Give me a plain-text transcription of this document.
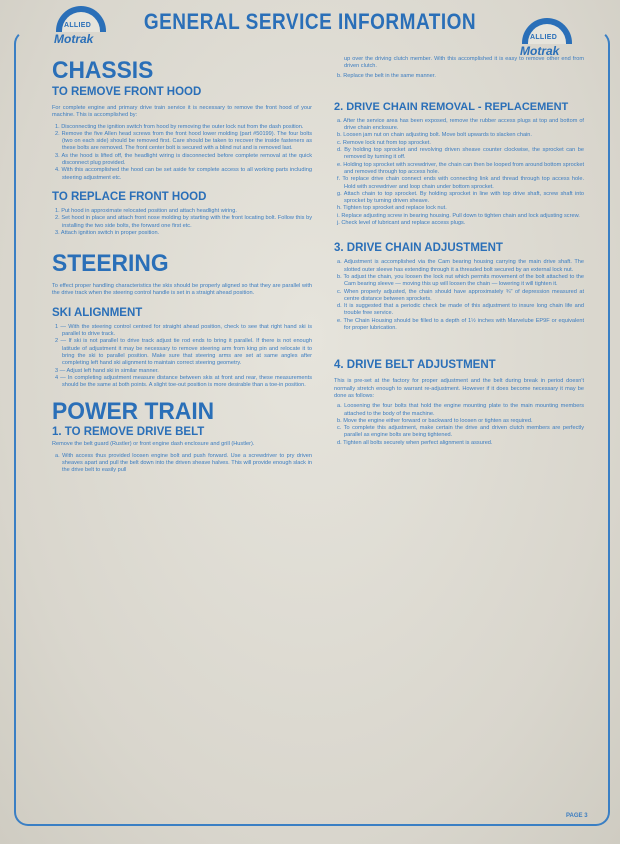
ALLIED
Motrak	ALLIED
Motrak
GENERAL SERVICE INFORMATION
CHASSIS
TO REMOVE FRONT HOOD

For complete engine and primary drive train service it is necessary to remove the front hood of your machine. This is accomplished by:

1. Disconnecting the ignition switch from hood by removing the outer lock nut from the dash position.

2. Remove the five Allen head screws from the front hood lower molding (part #50199). The four bolts (two on each side) should be removed first. Care should be taken to recover the inside fasteners as these bolts are removed. The front center bolt is secured with a blind nut and is removed last.

3. As the hood is lifted off, the headlight wiring is disconnected before complete removal at the quick disconnect plug provided.

4. With this accomplished the hood can be set aside for complete access to all working parts including steering adjustment etc.

TO REPLACE FRONT HOOD

1. Put hood in approximate relocated position and attach headlight wiring.

2. Set hood in place and attach front nose molding by starting with the front locating bolt. Follow this by installing the two side bolts, the forward one first etc.

3. Attach ignition switch in proper position.

STEERING

To effect proper handling characteristics the skis should be properly aligned so that they are parallel with the drive track when the steering control handle is set in a straight ahead position.

SKI ALIGNMENT

1 — With the steering control centred for straight ahead position, check to see that right hand ski is parallel to drive track.

2 — If ski is not parallel to drive track adjust tie rod ends to bring it parallel. If there is not enough latitude of adjustment it may be necessary to remove steering arm from king pin and relocate it to bring the ski to parallel position. Make sure that steering arms are set at same angles after completing left hand ski alignment to maintain correct steering geometry.

3 — Adjust left hand ski in similar manner.

4 — In completing adjustment measure distance between skis at front and rear, these measurements should be the same at both points. A slight toe-out position is more desirable than a toe-in position.

POWER TRAIN
1. TO REMOVE DRIVE BELT

Remove the belt guard (Rustler) or front engine dash enclosure and grill (Hustler).

a. With access thus provided loosen engine bolt and push forward. Use a screwdriver to pry driven sheaves apart and pull the belt down into the driven sheave halves. This will provide enough slack in the drive belt to easily pull

up over the driving clutch member. With this accomplished it is easy to remove other end from driven clutch.

b. Replace the belt in the same manner.

2. DRIVE CHAIN REMOVAL - REPLACEMENT

a. After the service area has been exposed, remove the rubber access plugs at top and bottom of drive chain enclosure.

b. Loosen jam nut on chain adjusting bolt. Move bolt upwards to slacken chain.

c. Remove lock nut from top sprocket.

d. By holding top sprocket and revolving driven sheave counter clockwise, the sprocket can be removed by turning it off.

e. Holding top sprocket with screwdriver, the chain can then be looped from around bottom sprocket and removed through top access hole.

f. To replace drive chain connect ends with connecting link and thread through top access hole. Hold with screwdriver and loop chain under bottom sprocket.

g. Attach chain to top sprocket. By holding sprocket in line with top drive shaft, screw shaft into sprocket by turning driven sheave.

h. Tighten top sprocket and replace lock nut.

i. Replace adjusting screw in bearing housing. Pull down to tighten chain and lock adjusting screw.

j. Check level of lubricant and replace access plugs.

3. DRIVE CHAIN ADJUSTMENT

a. Adjustment is accomplished via the Cam bearing housing carrying the main drive shaft. The slotted outer sleeve has extending through it a threaded bolt secured by an external lock nut.

b. To adjust the chain, you loosen the lock nut which permits movement of the bolt attached to the Cam bearing sleeve — moving this up will loosen the chain — lowering it will tighten it.

c. When properly adjusted, the chain should have approximately ¾" of depression measured at centre distance between sprockets.

d. It is suggested that a periodic check be made of this adjustment to insure long chain life and trouble free service.

e. The Chain Housing should be filled to a depth of 1½ inches with Marvelube EP9F or equivalent for proper lubrication.

4. DRIVE BELT ADJUSTMENT

This is pre-set at the factory for proper adjustment and the belt during break in period doesn't normally stretch enough to warrant re-adjustment. However if it does become necessary it may be done as follows:

a. Loosening the four bolts that hold the engine mounting plate to the main mounting members attached to the body of the machine.

b. Move the engine either forward or backward to loosen or tighten as required.

c. To complete this adjustment, make certain the drive and driven clutch members are perfectly parallel as engine bolts are being tightened.

d. Tighten all bolts securely when perfect alignment is assured.

PAGE 3
